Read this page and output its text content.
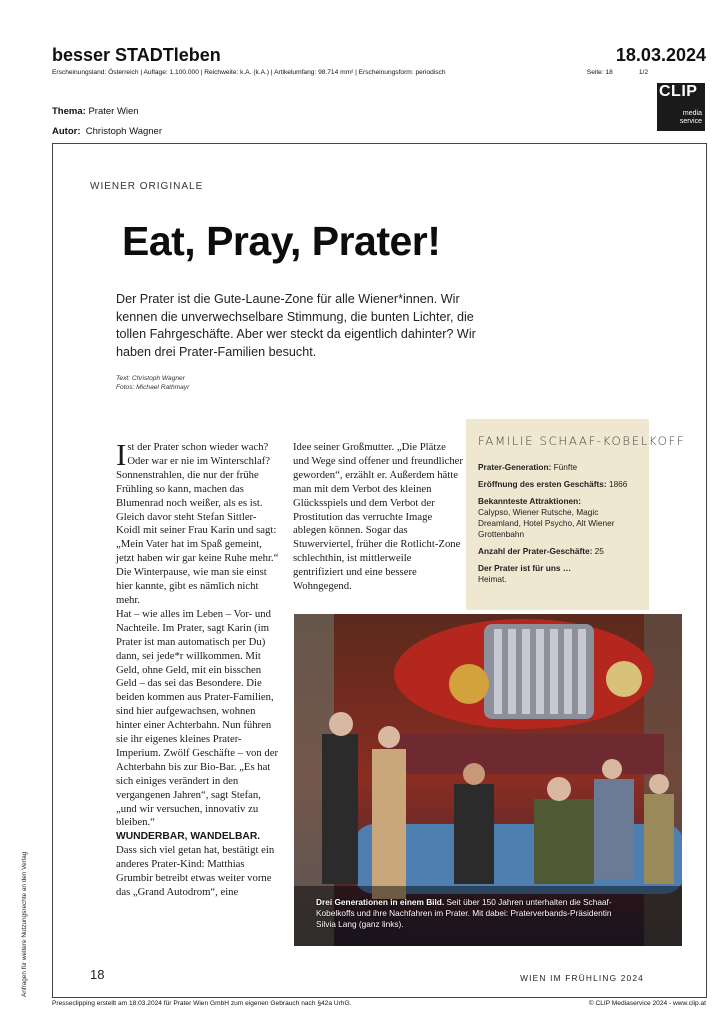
besser STADTleben	18.03.2024
Erscheinungsland: Österreich | Auflage: 1.100.000 | Reichweite: k.A. (k.A.) | Artikelumfang: 98.714 mm² | Erscheinungsform: periodisch	Seite: 18	1/2
CLIP
media
service
Thema: Prater Wien
Autor: Christoph Wagner
WIENER ORIGINALE
Eat, Pray, Prater!
Der Prater ist die Gute-Laune-Zone für alle Wiener*innen. Wir kennen die unverwechselbare Stimmung, die bunten Lichter, die tollen Fahrgeschäfte. Aber wer steckt da eigentlich dahinter? Wir haben drei Prater-Familien besucht.
Text: Christoph Wagner
Fotos: Michael Rathmayr

Ist der Prater schon wieder wach? Oder war er nie im Winterschlaf? Sonnenstrahlen, die nur der frühe Frühling so kann, machen das Blumenrad noch weißer, als es ist. Gleich davor steht Stefan Sittler-Koidl mit seiner Frau Karin und sagt: „Mein Vater hat im Spaß gemeint, jetzt haben wir gar keine Ruhe mehr.“ Die Winterpause, wie man sie einst hier kannte, gibt es nämlich nicht mehr.

Hat – wie alles im Leben – Vor- und Nachteile. Im Prater, sagt Karin (im Prater ist man automatisch per Du) dann, sei jede*r willkommen. Mit Geld, ohne Geld, mit ein bisschen Geld – das sei das Besondere. Die beiden kommen aus Prater-Familien, sind hier aufgewachsen, wohnen hinter einer Achterbahn. Nun führen sie ihr eigenes kleines Prater-Imperium. Zwölf Geschäfte – von der Achterbahn bis zur Bio-Bar. „Es hat sich einiges verändert in den vergangenen Jahren“, sagt Stefan, „und wir versuchen, innovativ zu bleiben.“

WUNDERBAR, WANDELBAR.

Dass sich viel getan hat, bestätigt ein anderes Prater-Kind: Matthias Grumbir betreibt etwas weiter vorne das „Grand Autodrom“, eine

Idee seiner Großmutter. „Die Plätze und Wege sind offener und freundlicher geworden“, erzählt er. Außerdem hätte man mit dem Verbot des kleinen Glücksspiels und dem Verbot der Prostitution das verruchte Image ablegen können. Sogar das Stuwerviertel, früher die Rotlicht-Zone schlechthin, ist mittlerweile gentrifiziert und eine bessere Wohngegend.

FAMILIE SCHAAF-KOBELKOFF
Prater-Generation: Fünfte
Eröffnung des ersten Geschäfts: 1866
Bekannteste Attraktionen:
Calypso, Wiener Rutsche, Magic Dreamland, Hotel Psycho, Alt Wiener Grottenbahn
Anzahl der Prater-Geschäfte: 25
Der Prater ist für uns …
Heimat.
Drei Generationen in einem Bild. Seit über 150 Jahren unterhalten die Schaaf-Kobelkoffs und ihre Nachfahren im Prater. Mit dabei: Praterverbands-Präsidentin Silvia Lang (ganz links).
18	WIEN IM FRÜHLING 2024
Presseclipping erstellt am 18.03.2024 für Prater Wien GmbH zum eigenen Gebrauch nach §42a UrhG.	© CLIP Mediaservice 2024 - www.clip.at
Anfragen für weitere Nutzungsrechte an den Verlag
